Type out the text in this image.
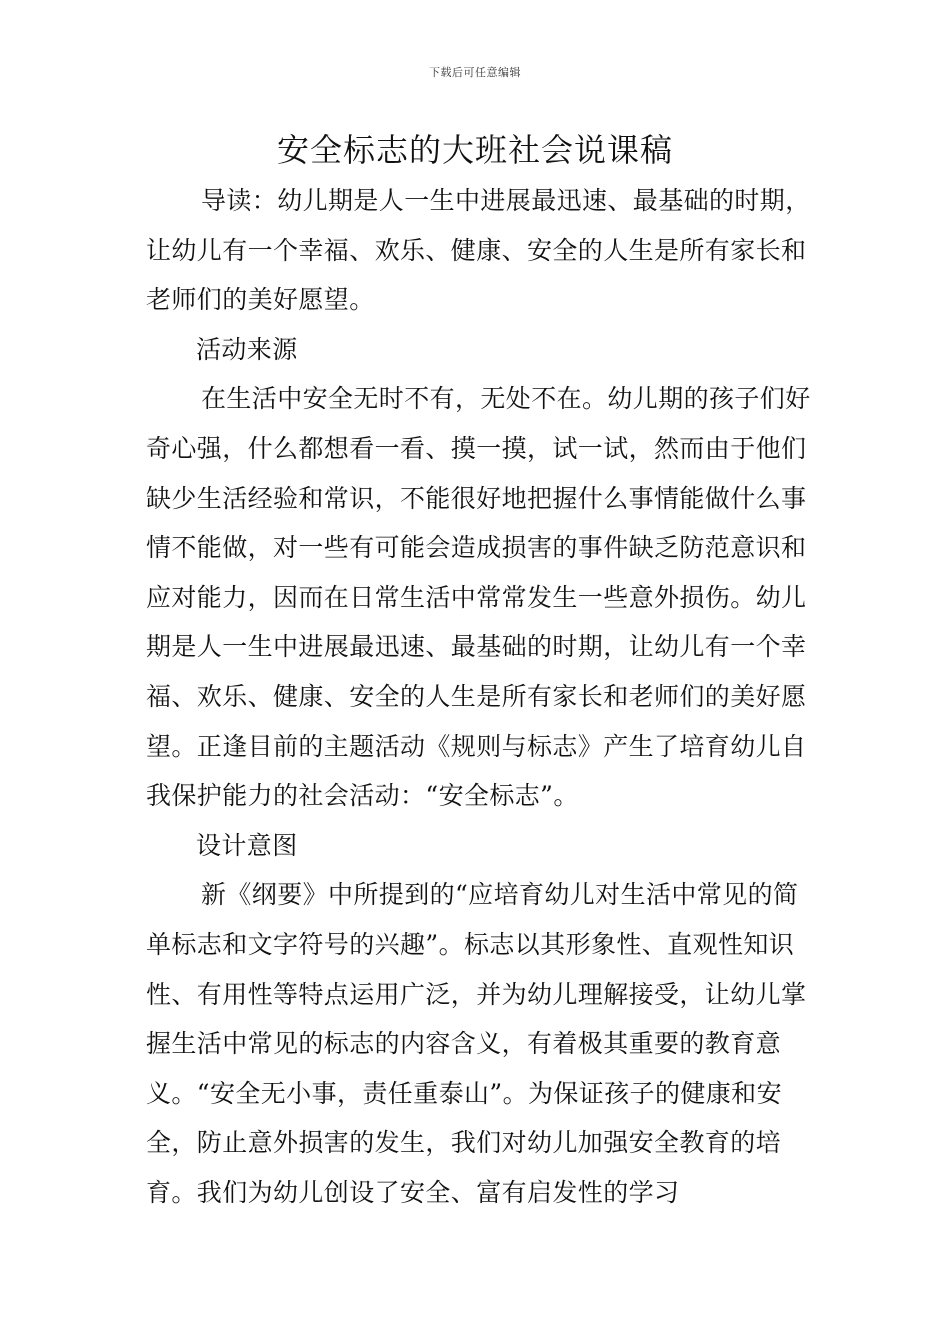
下载后可任意编辑
安全标志的大班社会说课稿

导读：幼儿期是人一生中进展最迅速、最基础的时期，让幼儿有一个幸福、欢乐、健康、安全的人生是所有家长和老师们的美好愿望。

活动来源

在生活中安全无时不有，无处不在。幼儿期的孩子们好奇心强，什么都想看一看、摸一摸，试一试，然而由于他们缺少生活经验和常识，不能很好地把握什么事情能做什么事情不能做，对一些有可能会造成损害的事件缺乏防范意识和应对能力，因而在日常生活中常常发生一些意外损伤。幼儿期是人一生中进展最迅速、最基础的时期，让幼儿有一个幸福、欢乐、健康、安全的人生是所有家长和老师们的美好愿望。正逢目前的主题活动《规则与标志》产生了培育幼儿自我保护能力的社会活动：“安全标志”。

设计意图

新《纲要》中所提到的“应培育幼儿对生活中常见的简单标志和文字符号的兴趣”。标志以其形象性、直观性知识性、有用性等特点运用广泛，并为幼儿理解接受，让幼儿掌握生活中常见的标志的内容含义，有着极其重要的教育意义。“安全无小事，责任重泰山”。为保证孩子的健康和安全，防止意外损害的发生，我们对幼儿加强安全教育的培育。我们为幼儿创设了安全、富有启发性的学习
